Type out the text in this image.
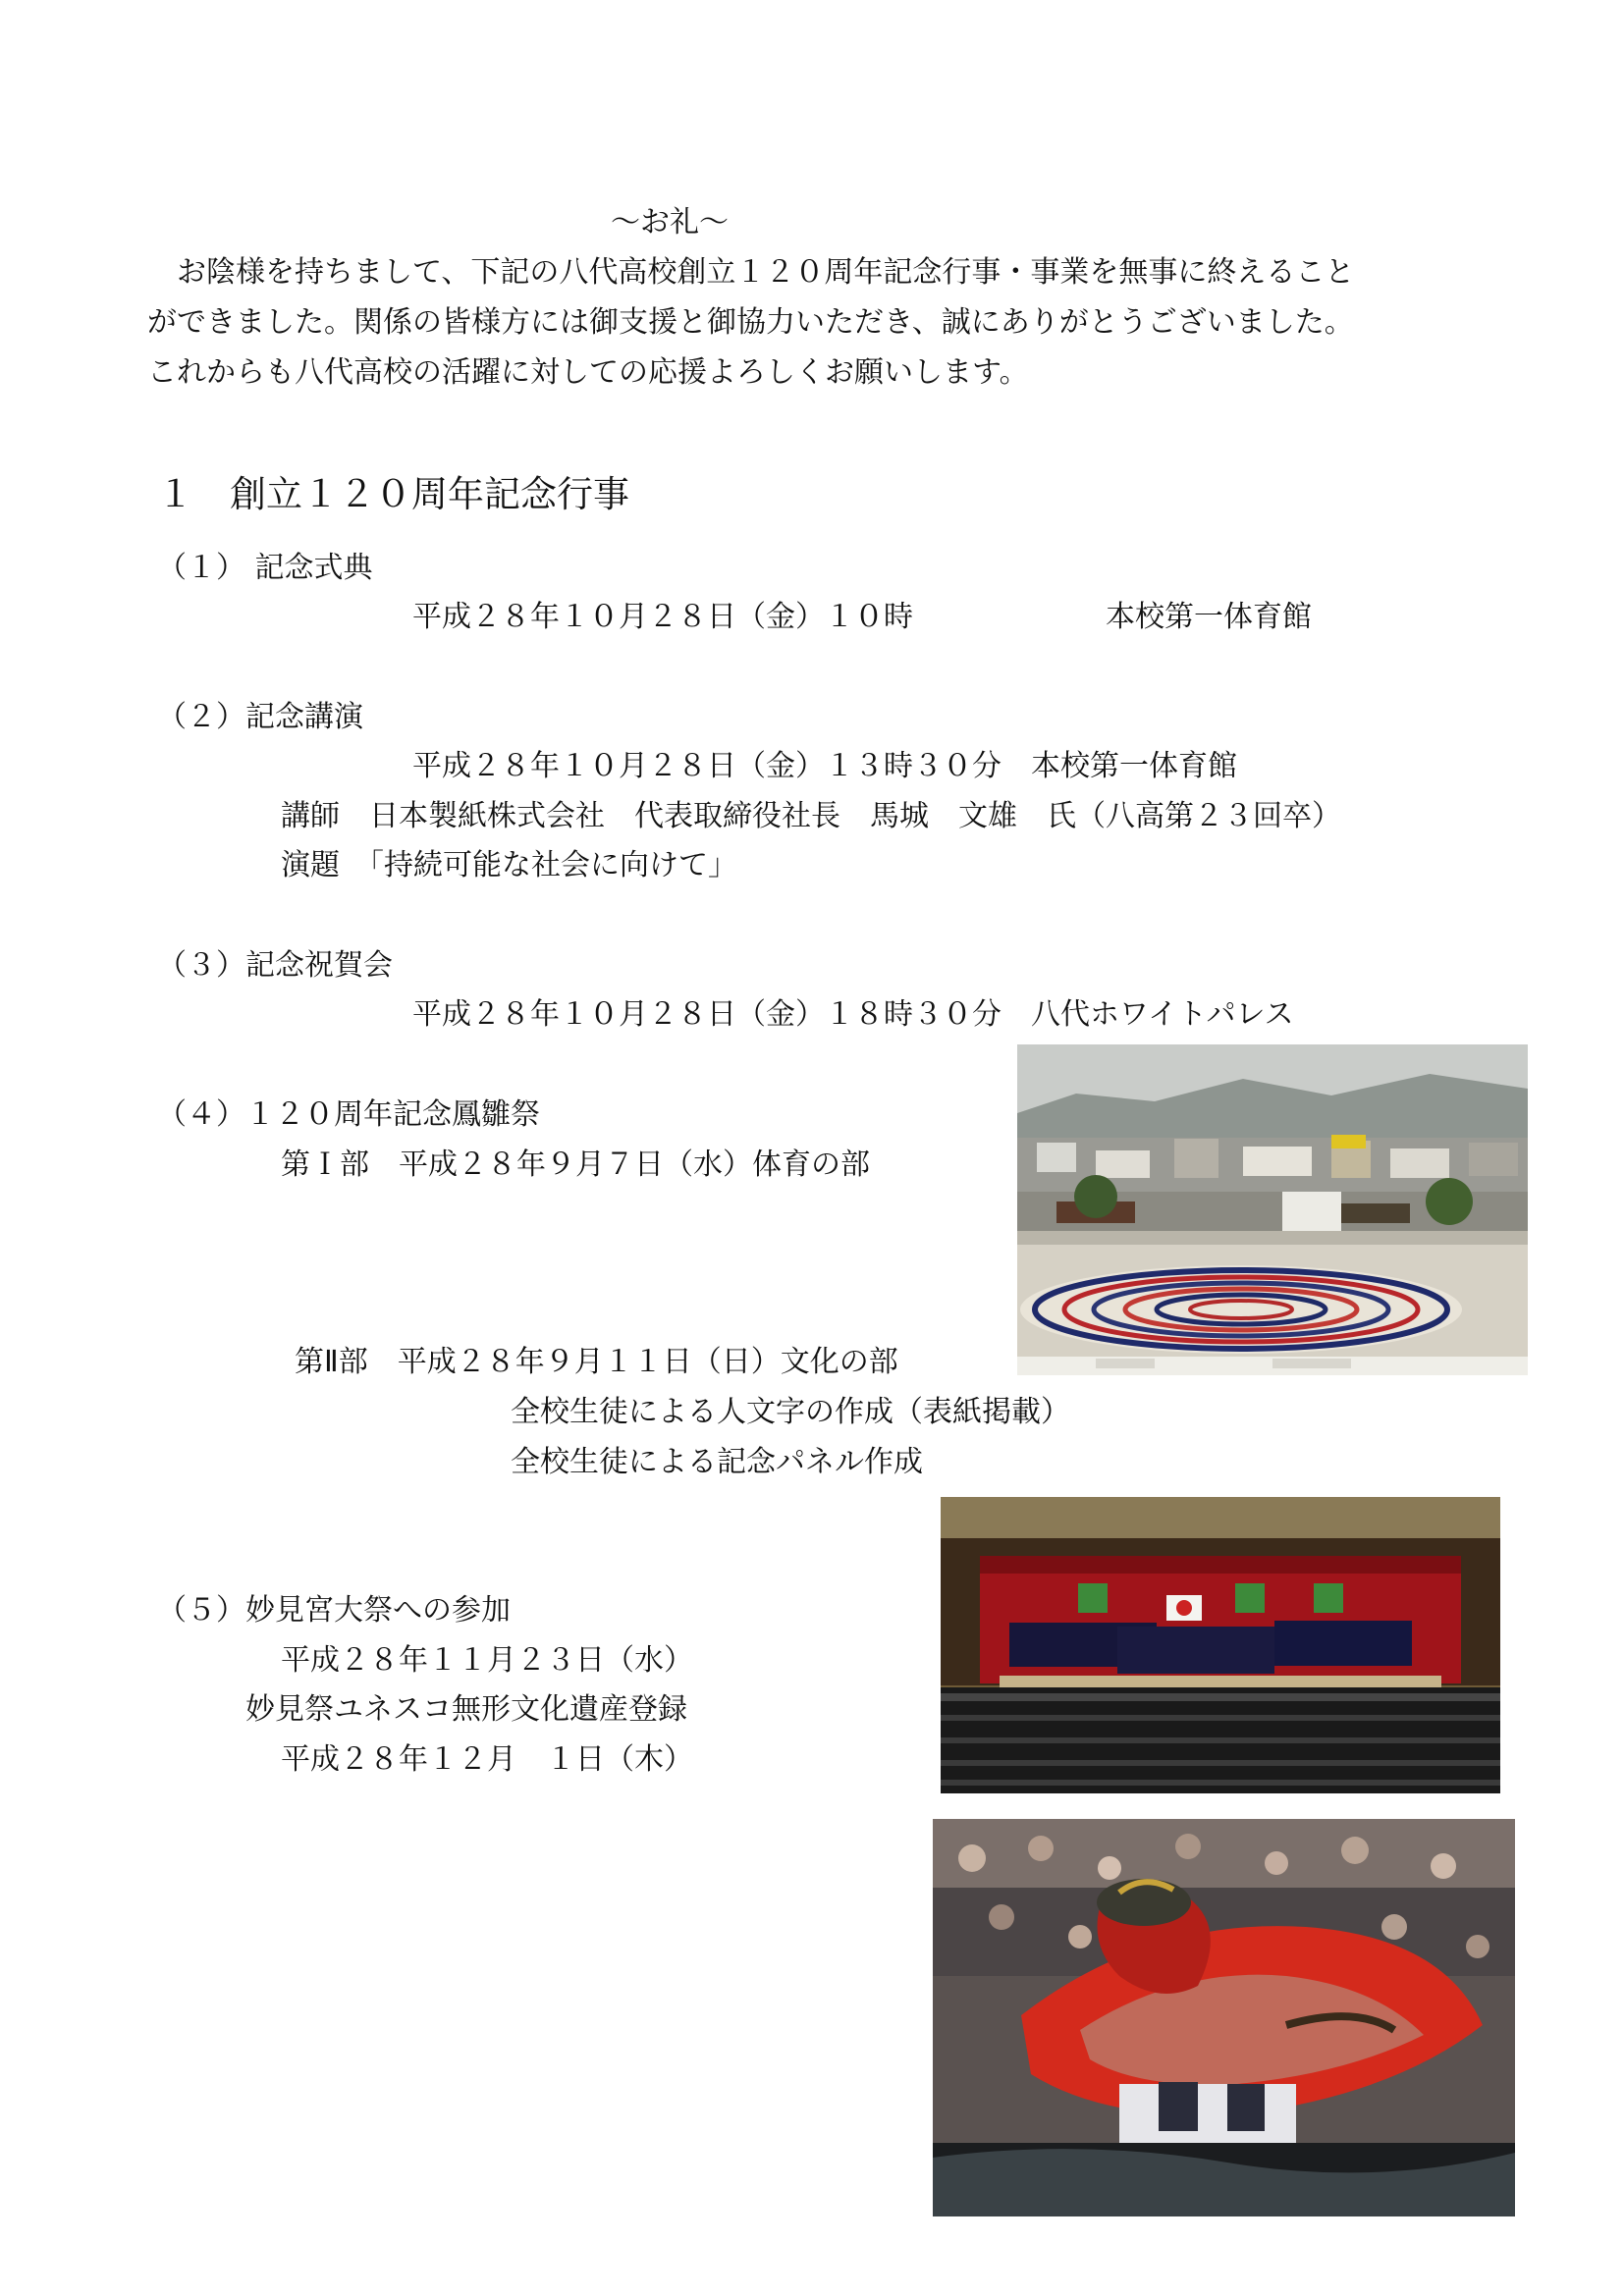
～お礼～
　お陰様を持ちまして、下記の八代高校創立１２０周年記念行事・事業を無事に終えること
ができました。関係の皆様方には御支援と御協力いただき、誠にありがとうございました。
これからも八代高校の活躍に対しての応援よろしくお願いします。
１　創立１２０周年記念行事
（１） 記念式典
平成２８年１０月２８日（金）１０時	本校第一体育館
（２）記念講演
平成２８年１０月２８日（金）１３時３０分　本校第一体育館
講師　日本製紙株式会社　代表取締役社長　馬城　文雄　氏（八高第２３回卒）
演題　「持続可能な社会に向けて」
（３）記念祝賀会
平成２８年１０月２８日（金）１８時３０分　八代ホワイトパレス
（４）１２０周年記念鳳雛祭
第Ｉ部　平成２８年９月７日（水）体育の部
第Ⅱ部　平成２８年９月１１日（日）文化の部
全校生徒による人文字の作成（表紙掲載）
全校生徒による記念パネル作成
（５）妙見宮大祭への参加
平成２８年１１月２３日（水）
妙見祭ユネスコ無形文化遺産登録
平成２８年１２月　１日（木）
